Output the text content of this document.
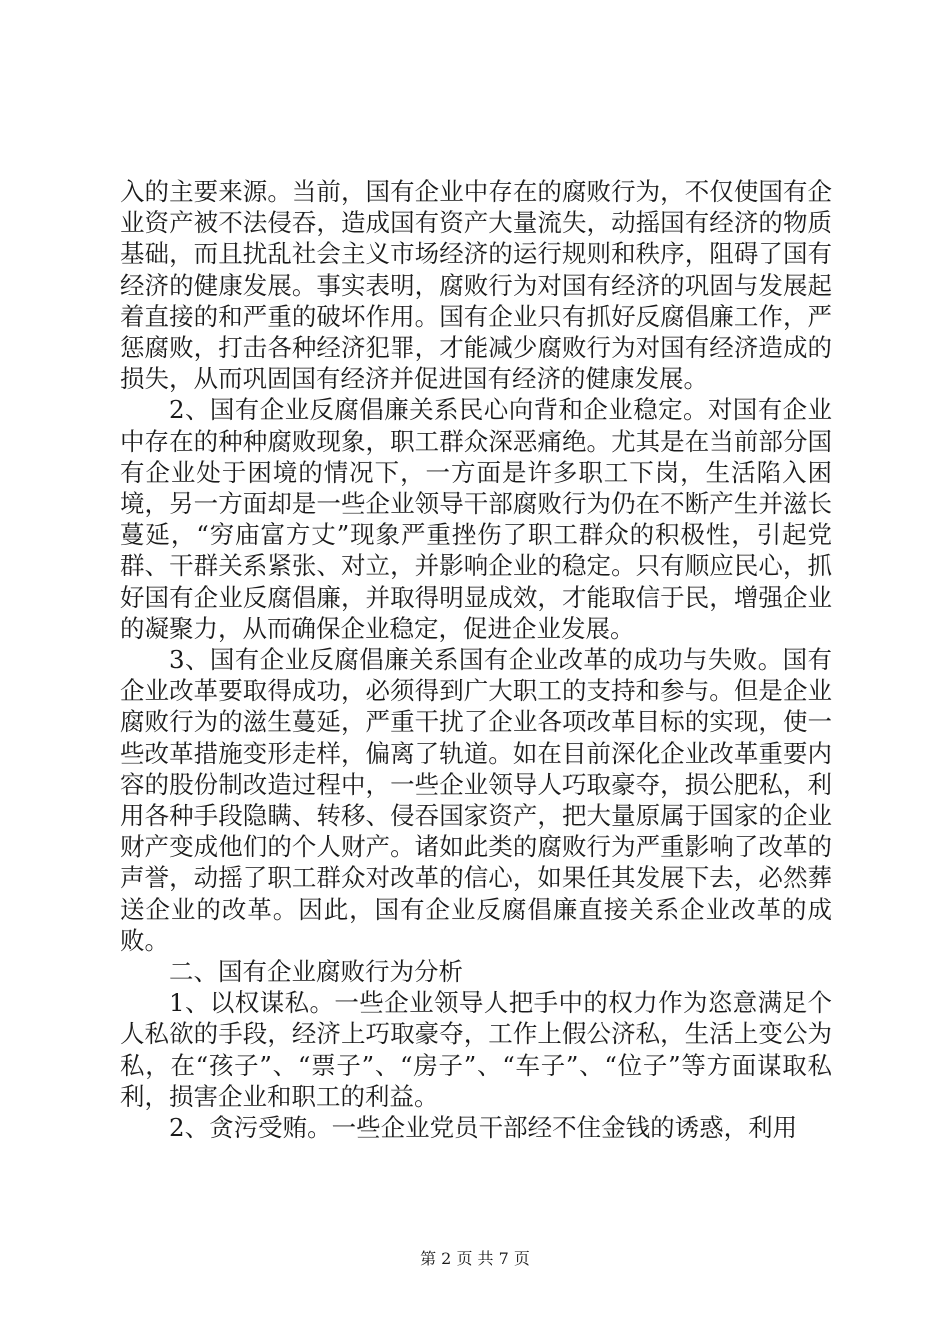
入的主要来源。当前，国有企业中存在的腐败行为，不仅使国有企业资产被不法侵吞，造成国有资产大量流失，动摇国有经济的物质基础，而且扰乱社会主义市场经济的运行规则和秩序，阻碍了国有经济的健康发展。事实表明，腐败行为对国有经济的巩固与发展起着直接的和严重的破坏作用。国有企业只有抓好反腐倡廉工作，严惩腐败，打击各种经济犯罪，才能减少腐败行为对国有经济造成的损失，从而巩固国有经济并促进国有经济的健康发展。

2、国有企业反腐倡廉关系民心向背和企业稳定。对国有企业中存在的种种腐败现象，职工群众深恶痛绝。尤其是在当前部分国有企业处于困境的情况下，一方面是许多职工下岗，生活陷入困境，另一方面却是一些企业领导干部腐败行为仍在不断产生并滋长蔓延，“穷庙富方丈”现象严重挫伤了职工群众的积极性，引起党群、干群关系紧张、对立，并影响企业的稳定。只有顺应民心，抓好国有企业反腐倡廉，并取得明显成效，才能取信于民，增强企业的凝聚力，从而确保企业稳定，促进企业发展。

3、国有企业反腐倡廉关系国有企业改革的成功与失败。国有企业改革要取得成功，必须得到广大职工的支持和参与。但是企业腐败行为的滋生蔓延，严重干扰了企业各项改革目标的实现，使一些改革措施变形走样，偏离了轨道。如在目前深化企业改革重要内容的股份制改造过程中，一些企业领导人巧取豪夺，损公肥私，利用各种手段隐瞒、转移、侵吞国家资产，把大量原属于国家的企业财产变成他们的个人财产。诸如此类的腐败行为严重影响了改革的声誉，动摇了职工群众对改革的信心，如果任其发展下去，必然葬送企业的改革。因此，国有企业反腐倡廉直接关系企业改革的成败。

二、国有企业腐败行为分析

1、以权谋私。一些企业领导人把手中的权力作为恣意满足个人私欲的手段，经济上巧取豪夺，工作上假公济私，生活上变公为私，在“孩子”、“票子”、“房子”、“车子”、“位子”等方面谋取私利，损害企业和职工的利益。

2、贪污受贿。一些企业党员干部经不住金钱的诱惑，利用

第 2 页 共 7 页
